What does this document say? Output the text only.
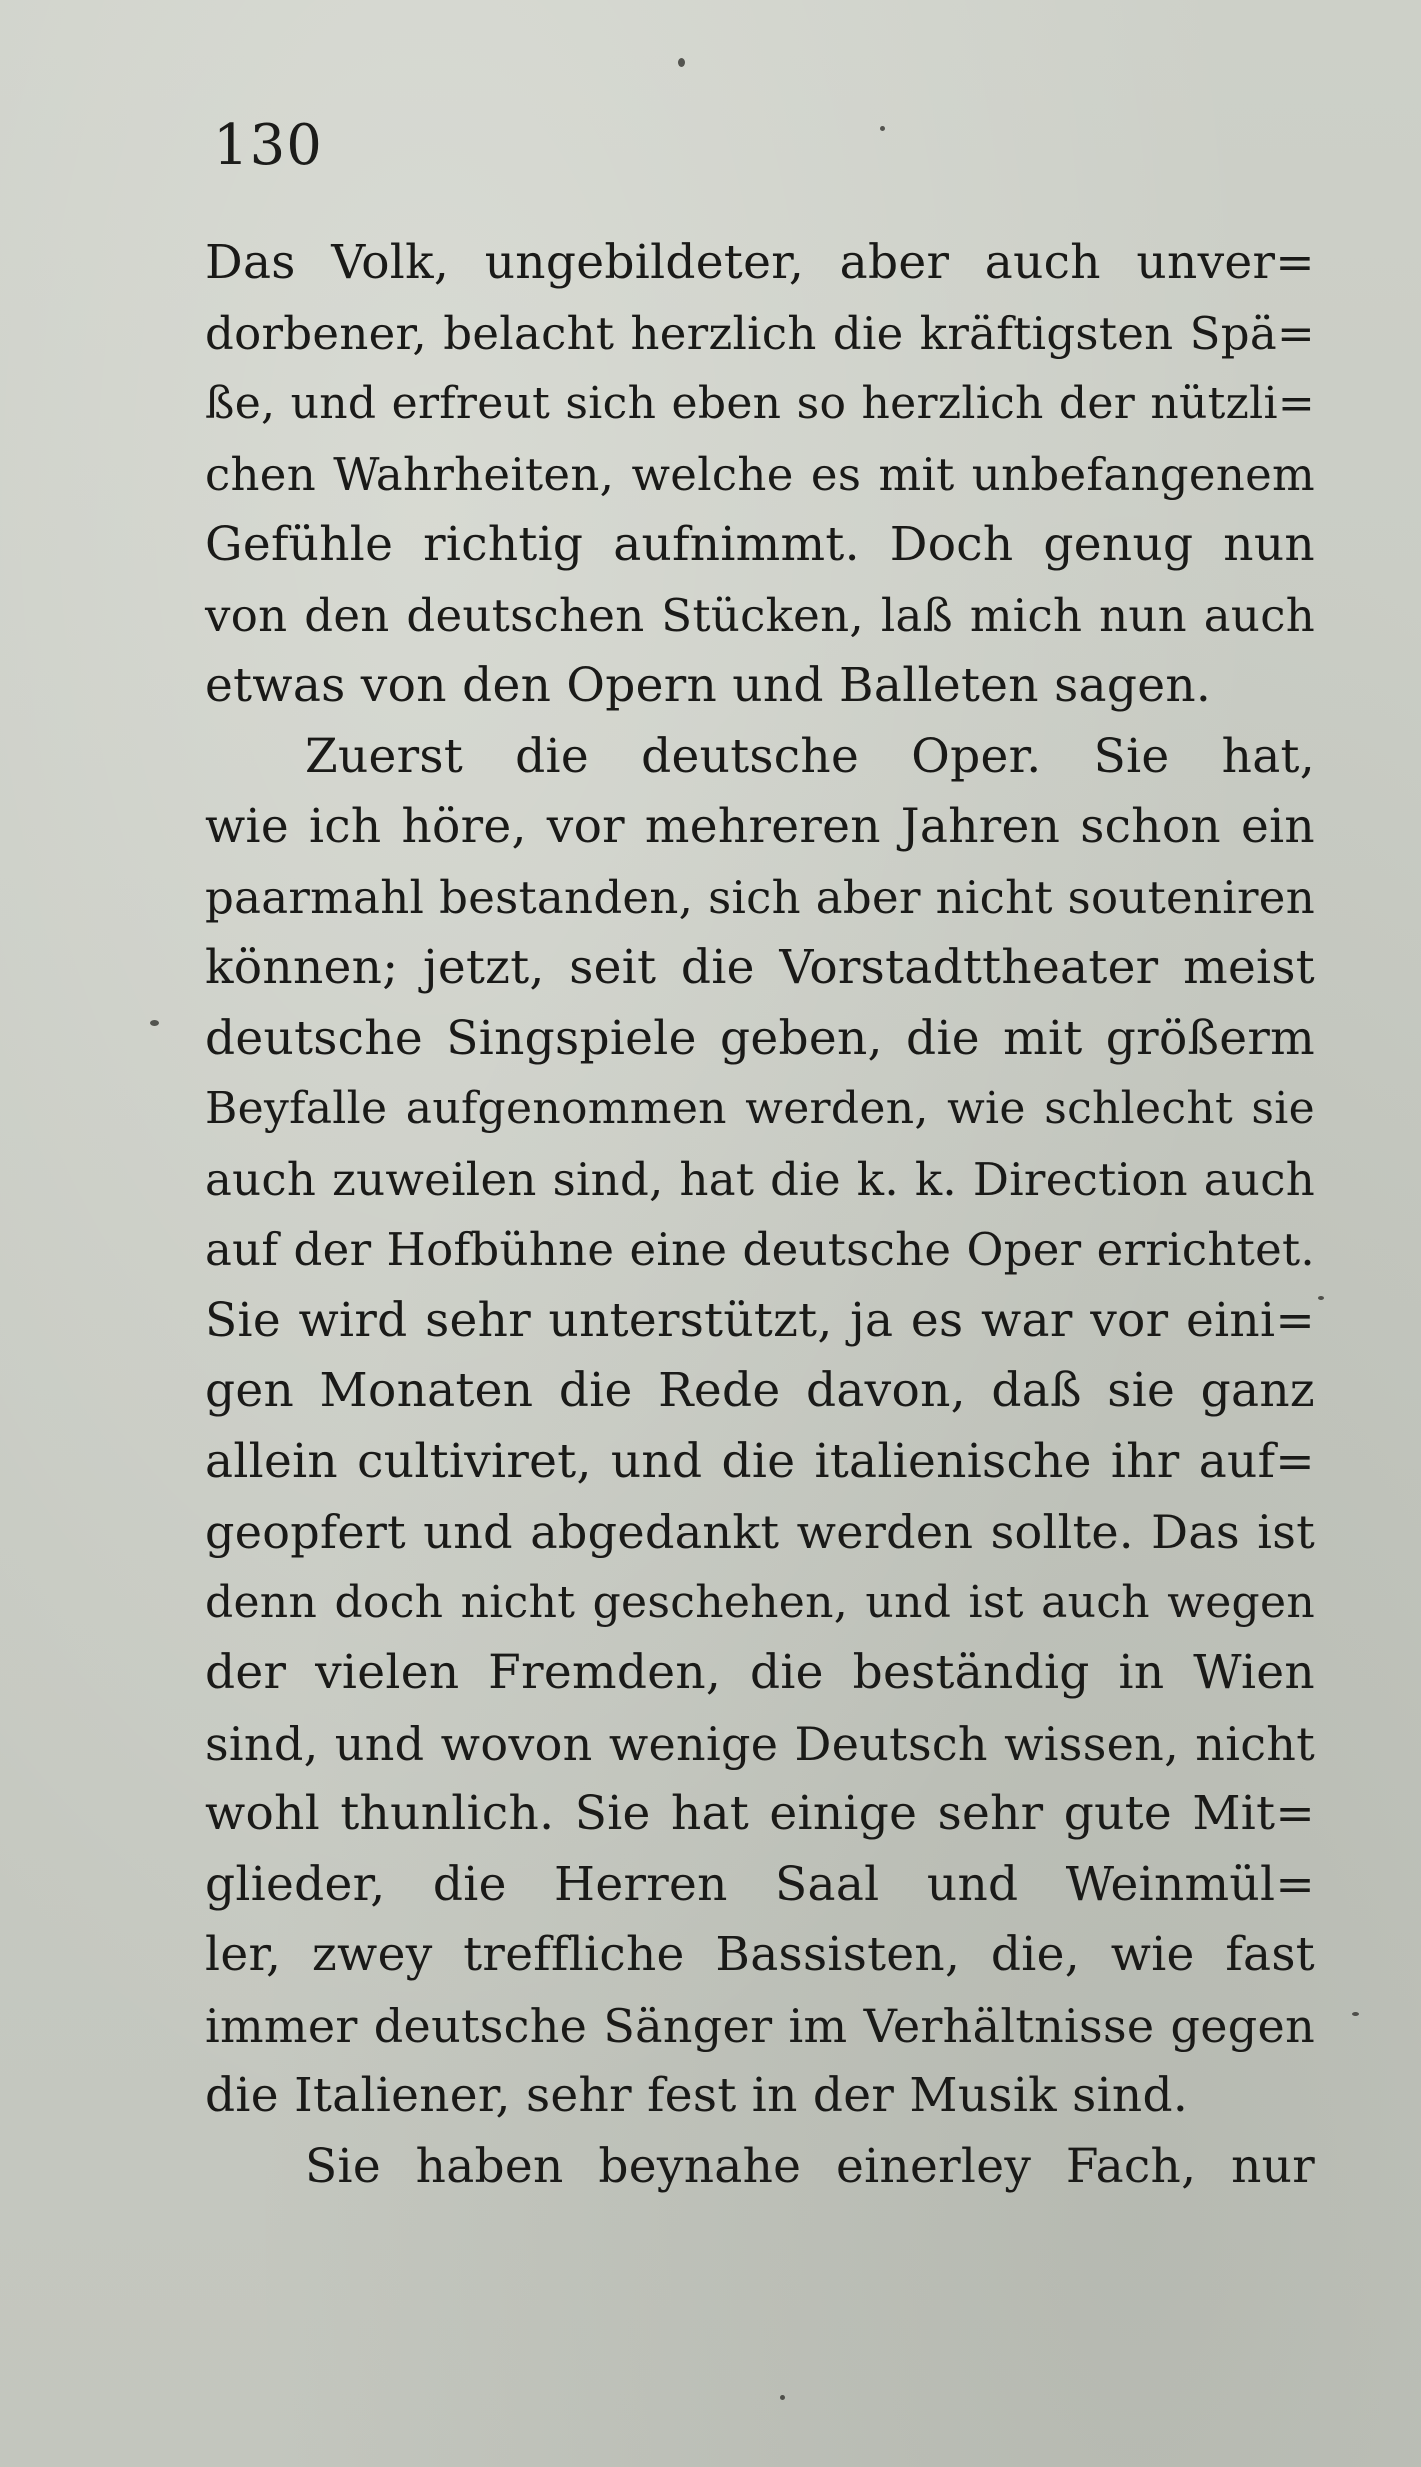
130
Das Volk, ungebildeter, aber auch unver=
dorbener, belacht herzlich die kräftigsten Spä=
ße, und erfreut sich eben so herzlich der nützli=
chen Wahrheiten, welche es mit unbefangenem
Gefühle richtig aufnimmt. Doch genug nun
von den deutschen Stücken, laß mich nun auch
etwas von den Opern und Balleten sagen.
Zuerst die deutsche Oper. Sie hat,
wie ich höre, vor mehreren Jahren schon ein
paarmahl bestanden, sich aber nicht souteniren
können; jetzt, seit die Vorstadttheater meist
deutsche Singspiele geben, die mit größerm
Beyfalle aufgenommen werden, wie schlecht sie
auch zuweilen sind, hat die k. k. Direction auch
auf der Hofbühne eine deutsche Oper errichtet.
Sie wird sehr unterstützt, ja es war vor eini=
gen Monaten die Rede davon, daß sie ganz
allein cultiviret, und die italienische ihr auf=
geopfert und abgedankt werden sollte. Das ist
denn doch nicht geschehen, und ist auch wegen
der vielen Fremden, die beständig in Wien
sind, und wovon wenige Deutsch wissen, nicht
wohl thunlich. Sie hat einige sehr gute Mit=
glieder, die Herren Saal und Weinmül=
ler, zwey treffliche Bassisten, die, wie fast
immer deutsche Sänger im Verhältnisse gegen
die Italiener, sehr fest in der Musik sind.
Sie haben beynahe einerley Fach, nur
